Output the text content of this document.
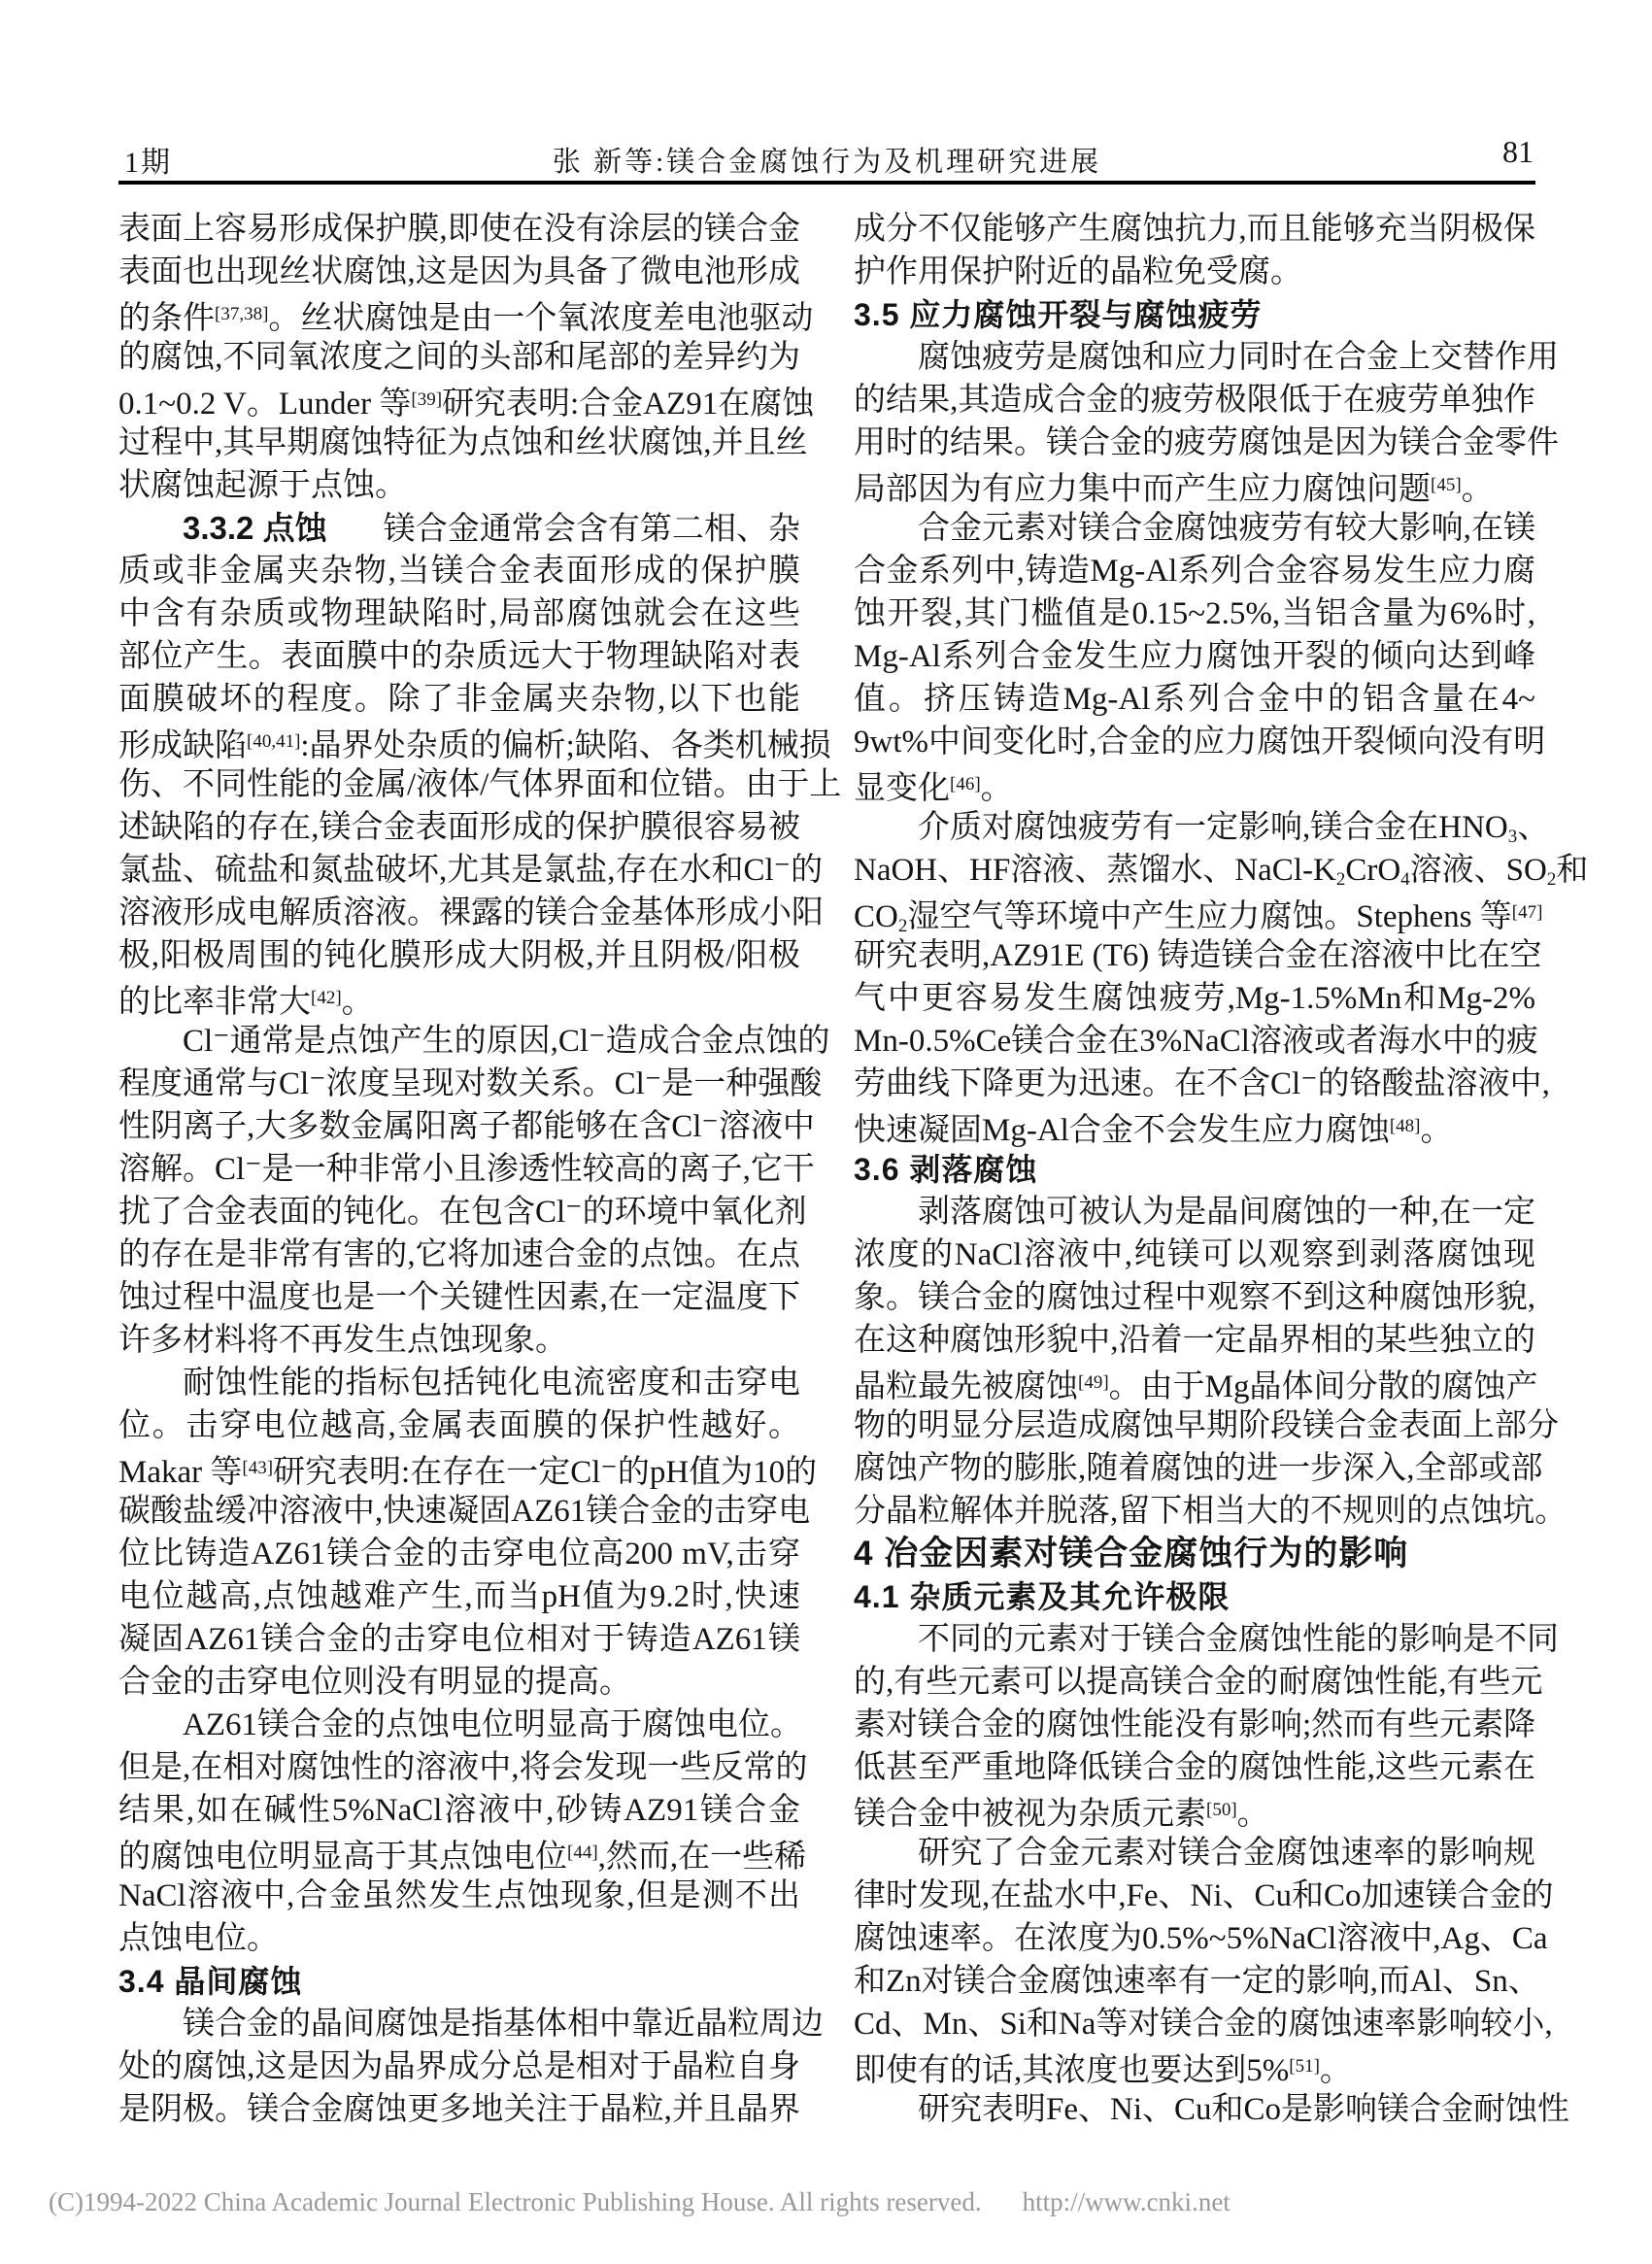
1期	张 新等:镁合金腐蚀行为及机理研究进展	81
表面上容易形成保护膜,即使在没有涂层的镁合金
表面也出现丝状腐蚀,这是因为具备了微电池形成
的条件[37,38]。丝状腐蚀是由一个氧浓度差电池驱动
的腐蚀,不同氧浓度之间的头部和尾部的差异约为
0.1~0.2 V。Lunder 等[39]研究表明:合金AZ91在腐蚀
过程中,其早期腐蚀特征为点蚀和丝状腐蚀,并且丝
状腐蚀起源于点蚀。
3.3.2 点蚀 镁合金通常会含有第二相、杂
质或非金属夹杂物,当镁合金表面形成的保护膜
中含有杂质或物理缺陷时,局部腐蚀就会在这些
部位产生。表面膜中的杂质远大于物理缺陷对表
面膜破坏的程度。除了非金属夹杂物,以下也能
形成缺陷[40,41]:晶界处杂质的偏析;缺陷、各类机械损
伤、不同性能的金属/液体/气体界面和位错。由于上
述缺陷的存在,镁合金表面形成的保护膜很容易被
氯盐、硫盐和氮盐破坏,尤其是氯盐,存在水和Cl⁻的
溶液形成电解质溶液。裸露的镁合金基体形成小阳
极,阳极周围的钝化膜形成大阴极,并且阴极/阳极
的比率非常大[42]。
Cl⁻通常是点蚀产生的原因,Cl⁻造成合金点蚀的
程度通常与Cl⁻浓度呈现对数关系。Cl⁻是一种强酸
性阴离子,大多数金属阳离子都能够在含Cl⁻溶液中
溶解。Cl⁻是一种非常小且渗透性较高的离子,它干
扰了合金表面的钝化。在包含Cl⁻的环境中氧化剂
的存在是非常有害的,它将加速合金的点蚀。在点
蚀过程中温度也是一个关键性因素,在一定温度下
许多材料将不再发生点蚀现象。
耐蚀性能的指标包括钝化电流密度和击穿电
位。击穿电位越高,金属表面膜的保护性越好。
Makar 等[43]研究表明:在存在一定Cl⁻的pH值为10的
碳酸盐缓冲溶液中,快速凝固AZ61镁合金的击穿电
位比铸造AZ61镁合金的击穿电位高200 mV,击穿
电位越高,点蚀越难产生,而当pH值为9.2时,快速
凝固AZ61镁合金的击穿电位相对于铸造AZ61镁
合金的击穿电位则没有明显的提高。
AZ61镁合金的点蚀电位明显高于腐蚀电位。
但是,在相对腐蚀性的溶液中,将会发现一些反常的
结果,如在碱性5%NaCl溶液中,砂铸AZ91镁合金
的腐蚀电位明显高于其点蚀电位[44],然而,在一些稀
NaCl溶液中,合金虽然发生点蚀现象,但是测不出
点蚀电位。
3.4 晶间腐蚀
镁合金的晶间腐蚀是指基体相中靠近晶粒周边
处的腐蚀,这是因为晶界成分总是相对于晶粒自身
是阴极。镁合金腐蚀更多地关注于晶粒,并且晶界
成分不仅能够产生腐蚀抗力,而且能够充当阴极保
护作用保护附近的晶粒免受腐。
3.5 应力腐蚀开裂与腐蚀疲劳
腐蚀疲劳是腐蚀和应力同时在合金上交替作用
的结果,其造成合金的疲劳极限低于在疲劳单独作
用时的结果。镁合金的疲劳腐蚀是因为镁合金零件
局部因为有应力集中而产生应力腐蚀问题[45]。
合金元素对镁合金腐蚀疲劳有较大影响,在镁
合金系列中,铸造Mg-Al系列合金容易发生应力腐
蚀开裂,其门槛值是0.15~2.5%,当铝含量为6%时,
Mg-Al系列合金发生应力腐蚀开裂的倾向达到峰
值。挤压铸造Mg-Al系列合金中的铝含量在4~
9wt%中间变化时,合金的应力腐蚀开裂倾向没有明
显变化[46]。
介质对腐蚀疲劳有一定影响,镁合金在$HNO_3$、
NaOH、HF溶液、蒸馏水、NaCl-$K_2CrO_4$溶液、$SO_2$和
$CO_2$湿空气等环境中产生应力腐蚀。Stephens 等[47]
研究表明,AZ91E (T6) 铸造镁合金在溶液中比在空
气中更容易发生腐蚀疲劳,Mg-1.5%Mn和Mg-2%
Mn-0.5%Ce镁合金在3%NaCl溶液或者海水中的疲
劳曲线下降更为迅速。在不含Cl⁻的铬酸盐溶液中,
快速凝固Mg-Al合金不会发生应力腐蚀[48]。
3.6 剥落腐蚀
剥落腐蚀可被认为是晶间腐蚀的一种,在一定
浓度的NaCl溶液中,纯镁可以观察到剥落腐蚀现
象。镁合金的腐蚀过程中观察不到这种腐蚀形貌,
在这种腐蚀形貌中,沿着一定晶界相的某些独立的
晶粒最先被腐蚀[49]。由于Mg晶体间分散的腐蚀产
物的明显分层造成腐蚀早期阶段镁合金表面上部分
腐蚀产物的膨胀,随着腐蚀的进一步深入,全部或部
分晶粒解体并脱落,留下相当大的不规则的点蚀坑。
4 冶金因素对镁合金腐蚀行为的影响
4.1 杂质元素及其允许极限
不同的元素对于镁合金腐蚀性能的影响是不同
的,有些元素可以提高镁合金的耐腐蚀性能,有些元
素对镁合金的腐蚀性能没有影响;然而有些元素降
低甚至严重地降低镁合金的腐蚀性能,这些元素在
镁合金中被视为杂质元素[50]。
研究了合金元素对镁合金腐蚀速率的影响规
律时发现,在盐水中,Fe、Ni、Cu和Co加速镁合金的
腐蚀速率。在浓度为0.5%~5%NaCl溶液中,Ag、Ca
和Zn对镁合金腐蚀速率有一定的影响,而Al、Sn、
Cd、Mn、Si和Na等对镁合金的腐蚀速率影响较小,
即使有的话,其浓度也要达到5%[51]。
研究表明Fe、Ni、Cu和Co是影响镁合金耐蚀性
(C)1994-2022 China Academic Journal Electronic Publishing House. All rights reserved. http://www.cnki.net
